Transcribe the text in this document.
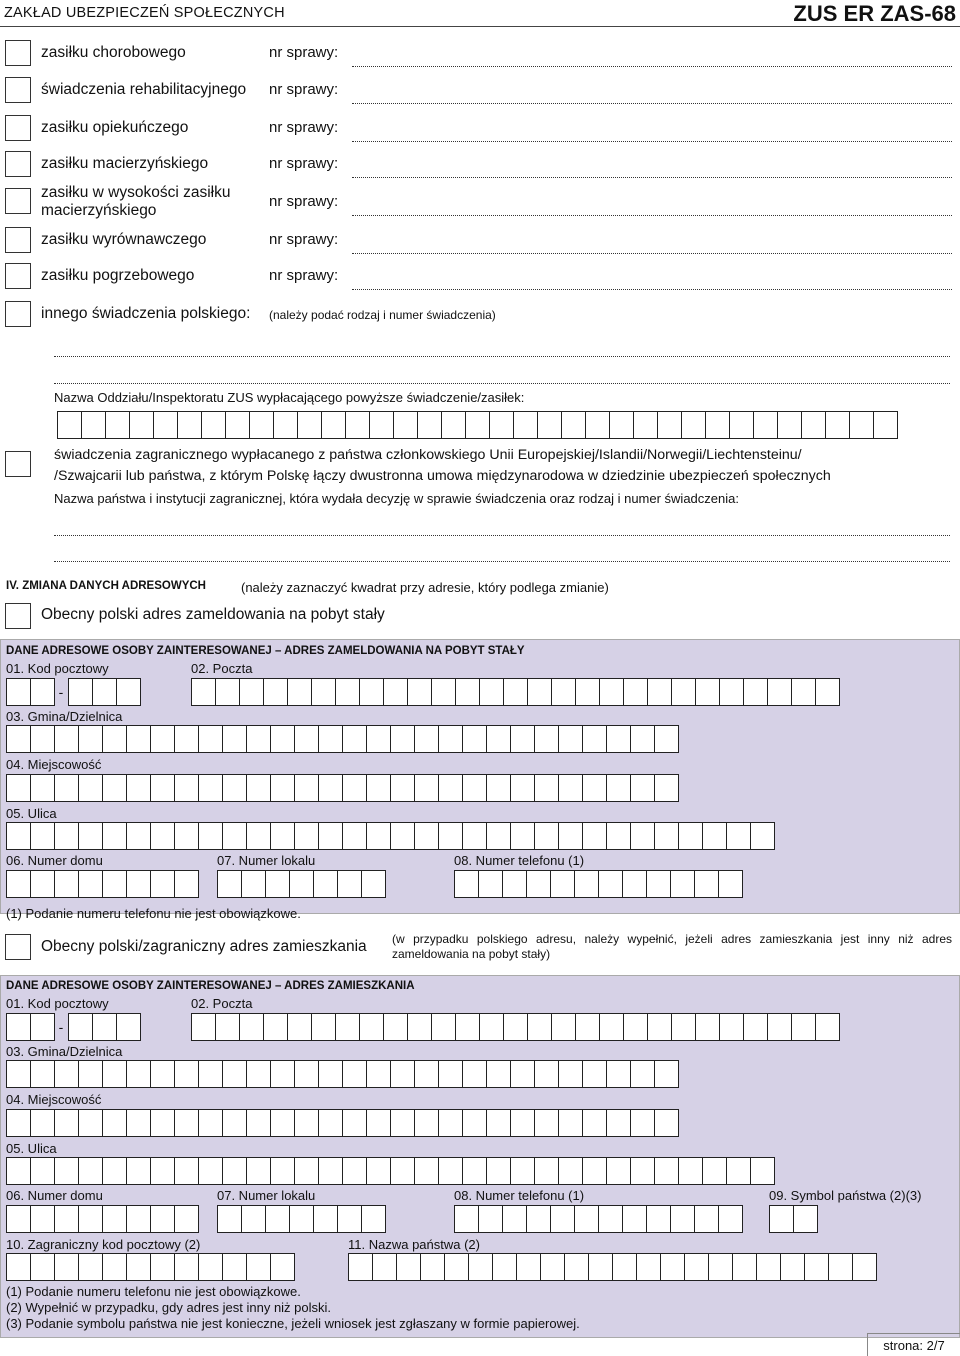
ZAKŁAD UBEZPIECZEŃ SPOŁECZNYCH	ZUS ER ZAS-68
zasiłku chorobowego	nr sprawy:
świadczenia rehabilitacyjnego nr sprawy:
zasiłku opiekuńczego	nr sprawy:
zasiłku macierzyńskiego	nr sprawy:
zasiłku w wysokości zasiłku macierzyńskiego
nr sprawy:
zasiłku wyrównawczego	nr sprawy:
zasiłku pogrzebowego	nr sprawy:
innego świadczenia polskiego: (należy podać rodzaj i numer świadczenia)
Nazwa Oddziału/Inspektoratu ZUS wypłacającego powyższe świadczenie/zasiłek:
świadczenia zagranicznego wypłacanego z państwa członkowskiego Unii Europejskiej/Islandii/Norwegii/Liechtensteinu/
/Szwajcarii lub państwa, z którym Polskę łączy dwustronna umowa międzynarodowa w dziedzinie ubezpieczeń społecznych
Nazwa państwa i instytucji zagranicznej, która wydała decyzję w sprawie świadczenia oraz rodzaj i numer świadczenia:
IV. ZMIANA DANYCH ADRESOWYCH	(należy zaznaczyć kwadrat przy adresie, który podlega zmianie)
Obecny polski adres zameldowania na pobyt stały
DANE ADRESOWE OSOBY ZAINTERESOWANEJ – ADRES ZAMELDOWANIA NA POBYT STAŁY
01. Kod pocztowy	02. Poczta
-
03. Gmina/Dzielnica
04. Miejscowość
05. Ulica
06. Numer domu	07. Numer lokalu	08. Numer telefonu (1)
(1) Podanie numeru telefonu nie jest obowiązkowe.
Obecny polski/zagraniczny adres zamieszkania (w przypadku polskiego adresu, należy wypełnić, jeżeli adres zamieszkania jest inny niż adres zameldowania na pobyt stały)
DANE ADRESOWE OSOBY ZAINTERESOWANEJ – ADRES ZAMIESZKANIA
01. Kod pocztowy	02. Poczta
-
03. Gmina/Dzielnica
04. Miejscowość
05. Ulica
06. Numer domu	07. Numer lokalu	08. Numer telefonu (1)	09. Symbol państwa (2)(3)
10. Zagraniczny kod pocztowy (2)	11. Nazwa państwa (2)
(1) Podanie numeru telefonu nie jest obowiązkowe.
(2) Wypełnić w przypadku, gdy adres jest inny niż polski.
(3) Podanie symbolu państwa nie jest konieczne, jeżeli wniosek jest zgłaszany w formie papierowej.
strona: 2/7
